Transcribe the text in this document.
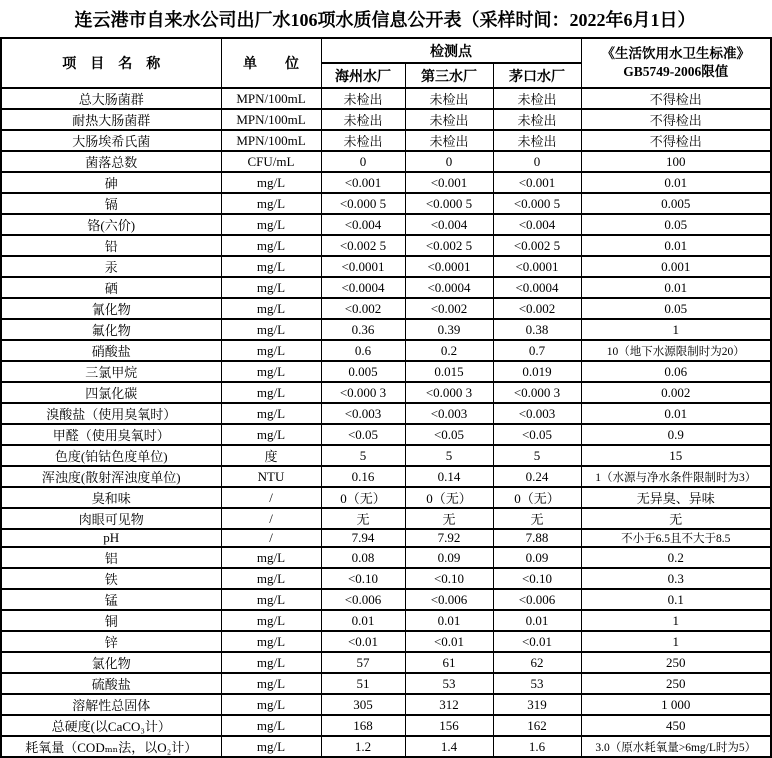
连云港市自来水公司出厂水106项水质信息公开表（采样时间：2022年6月1日）
项　目　名　称	单　　位	检测点			《生活饮用水卫生标准》
GB5749-2006限值

		海州水厂	第三水厂	茅口水厂	
总大肠菌群	MPN/100mL	未检出	未检出	未检出	不得检出
耐热大肠菌群	MPN/100mL	未检出	未检出	未检出	不得检出
大肠埃希氏菌	MPN/100mL	未检出	未检出	未检出	不得检出
菌落总数	CFU/mL	0	0	0	100
砷	mg/L	<0.001	<0.001	<0.001	0.01
镉	mg/L	<0.000 5	<0.000 5	<0.000 5	0.005
铬(六价)	mg/L	<0.004	<0.004	<0.004	0.05
铅	mg/L	<0.002 5	<0.002 5	<0.002 5	0.01
汞	mg/L	<0.0001	<0.0001	<0.0001	0.001
硒	mg/L	<0.0004	<0.0004	<0.0004	0.01
氰化物	mg/L	<0.002	<0.002	<0.002	0.05
氟化物	mg/L	0.36	0.39	0.38	1
硝酸盐	mg/L	0.6	0.2	0.7	10（地下水源限制时为20）
三氯甲烷	mg/L	0.005	0.015	0.019	0.06
四氯化碳	mg/L	<0.000 3	<0.000 3	<0.000 3	0.002
溴酸盐（使用臭氧时）	mg/L	<0.003	<0.003	<0.003	0.01
甲醛（使用臭氧时）	mg/L	<0.05	<0.05	<0.05	0.9
色度(铂钴色度单位)	度	5	5	5	15
浑浊度(散射浑浊度单位)	NTU	0.16	0.14	0.24	1（水源与净水条件限制时为3）
臭和味	/	0（无）	0（无）	0（无）	无异臭、异味
肉眼可见物	/	无	无	无	无
pH	/	7.94	7.92	7.88	不小于6.5且不大于8.5
铝	mg/L	0.08	0.09	0.09	0.2
铁	mg/L	<0.10	<0.10	<0.10	0.3
锰	mg/L	<0.006	<0.006	<0.006	0.1
铜	mg/L	0.01	0.01	0.01	1
锌	mg/L	<0.01	<0.01	<0.01	1
氯化物	mg/L	57	61	62	250
硫酸盐	mg/L	51	53	53	250
溶解性总固体	mg/L	305	312	319	1 000
总硬度(以CaCO₃计）	mg/L	168	156	162	450
耗氧量（CODₘₙ法，以O₂计）	mg/L	1.2	1.4	1.6	3.0（原水耗氧量>6mg/L时为5）
